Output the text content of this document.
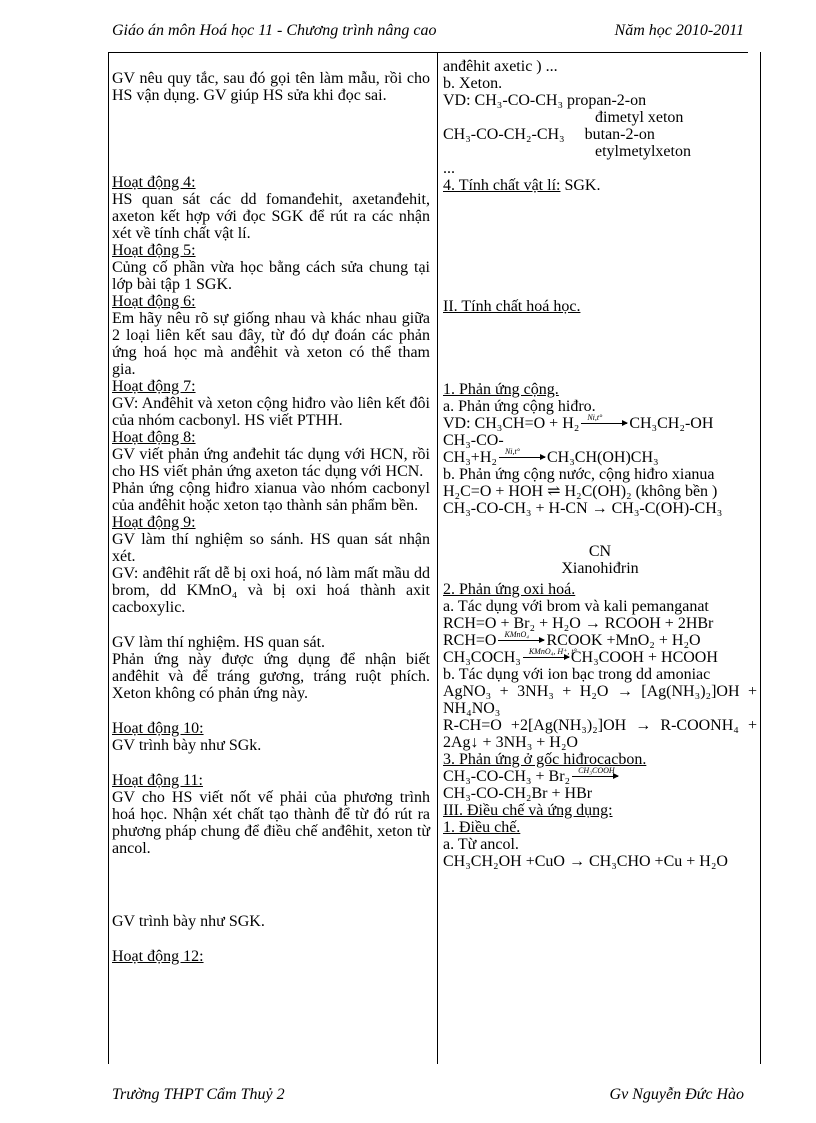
Giáo án môn Hoá học 11 - Chương trình nâng cao	Năm học 2010-2011
GV nêu quy tắc, sau đó gọi tên làm mẫu, rồi cho HS vận dụng. GV giúp HS sửa khi đọc sai.
Hoạt động 4:
HS quan sát các dd fomanđehit, axetanđehit, axeton kết hợp với đọc SGK để rút ra các nhận xét về tính chất vật lí.
Hoạt động 5:
Củng cố phần vừa học bằng cách sửa chung tại lớp bài tập 1 SGK.
Hoạt động 6:
Em hãy nêu rõ sự giống nhau và khác nhau giữa 2 loại liên kết sau đây, từ đó dự đoán các phản ứng hoá học mà anđêhit và xeton có thể tham gia.
Hoạt động 7:
GV: Anđêhit và xeton cộng hiđro vào liên kết đôi của nhóm cacbonyl. HS viết PTHH.
Hoạt động 8:
GV viết phản ứng anđehit tác dụng với HCN, rồi cho HS viết phản ứng axeton tác dụng với HCN.
Phản ứng cộng hiđro xianua vào nhóm cacbonyl của anđêhit hoặc xeton tạo thành sản phẩm bền.
Hoạt động 9:
GV làm thí nghiệm so sánh. HS quan sát nhận xét.
GV: anđêhit rất dễ bị oxi hoá, nó làm mất mầu dd brom, dd KMnO₄ và bị oxi hoá thành axit cacboxylic.
GV làm thí nghiệm. HS quan sát.
Phản ứng này được ứng dụng để nhận biết anđêhit và để tráng gương, tráng ruột phích. Xeton không có phản ứng này.
Hoạt động 10:
GV trình bày như SGk.
Hoạt động 11:
GV cho HS viết nốt vế phải của phương trình hoá học. Nhận xét chất tạo thành để từ đó rút ra phương pháp chung để điều chế anđêhit, xeton từ ancol.
GV trình bày như SGK.
Hoạt động 12:
anđêhit axetic ) ...
b. Xeton.
VD: CH₃-CO-CH₃ propan-2-on
đimetyl xeton
CH₃-CO-CH₂-CH₃     butan-2-on
etylmetylxeton
...
4. Tính chất vật lí: SGK.
II. Tính chất hoá học.
1. Phản ứng cộng.
a. Phản ứng cộng hiđro.
VD: CH₃CH=O + H₂ Ni,t° CH₃CH₂-OH
CH₃-CO-
CH₃+H₂ Ni,t° CH₃CH(OH)CH₃
b. Phản ứng cộng nước, cộng hiđro xianua
H₂C=O + HOH ⇌ H₂C(OH)₂ (không bền )
CH₃-CO-CH₃ + H-CN → CH₃-C(OH)-CH₃
CN
Xianohiđrin
2. Phản ứng oxi hoá.
a. Tác dụng với brom và kali pemanganat
RCH=O + Br₂ + H₂O → RCOOH + 2HBr
RCH=O KMnO₄ RCOOK +MnO₂ + H₂O
CH₃COCH₃ KMnO₄, H⁺, t°
CH₃COOH + HCOOH
b. Tác dụng với ion bạc trong dd amoniac
AgNO₃ + 3NH₃ + H₂O → [Ag(NH₃)₂]OH + NH₄NO₃
R-CH=O +2[Ag(NH₃)₂]OH → R-COONH₄ + 2Ag↓ + 3NH₃ + H₂O
3. Phản ứng ở gốc hiđrocacbon.
CH₃-CO-CH₃ + Br₂ CH₃COOH
CH₃-CO-CH₂Br + HBr
III. Điều chế và ứng dụng:
1. Điều chế.
a. Từ ancol.
CH₃CH₂OH +CuO → CH₃CHO +Cu + H₂O
Trường THPT Cẩm Thuỷ 2	Gv Nguyễn Đức Hào
